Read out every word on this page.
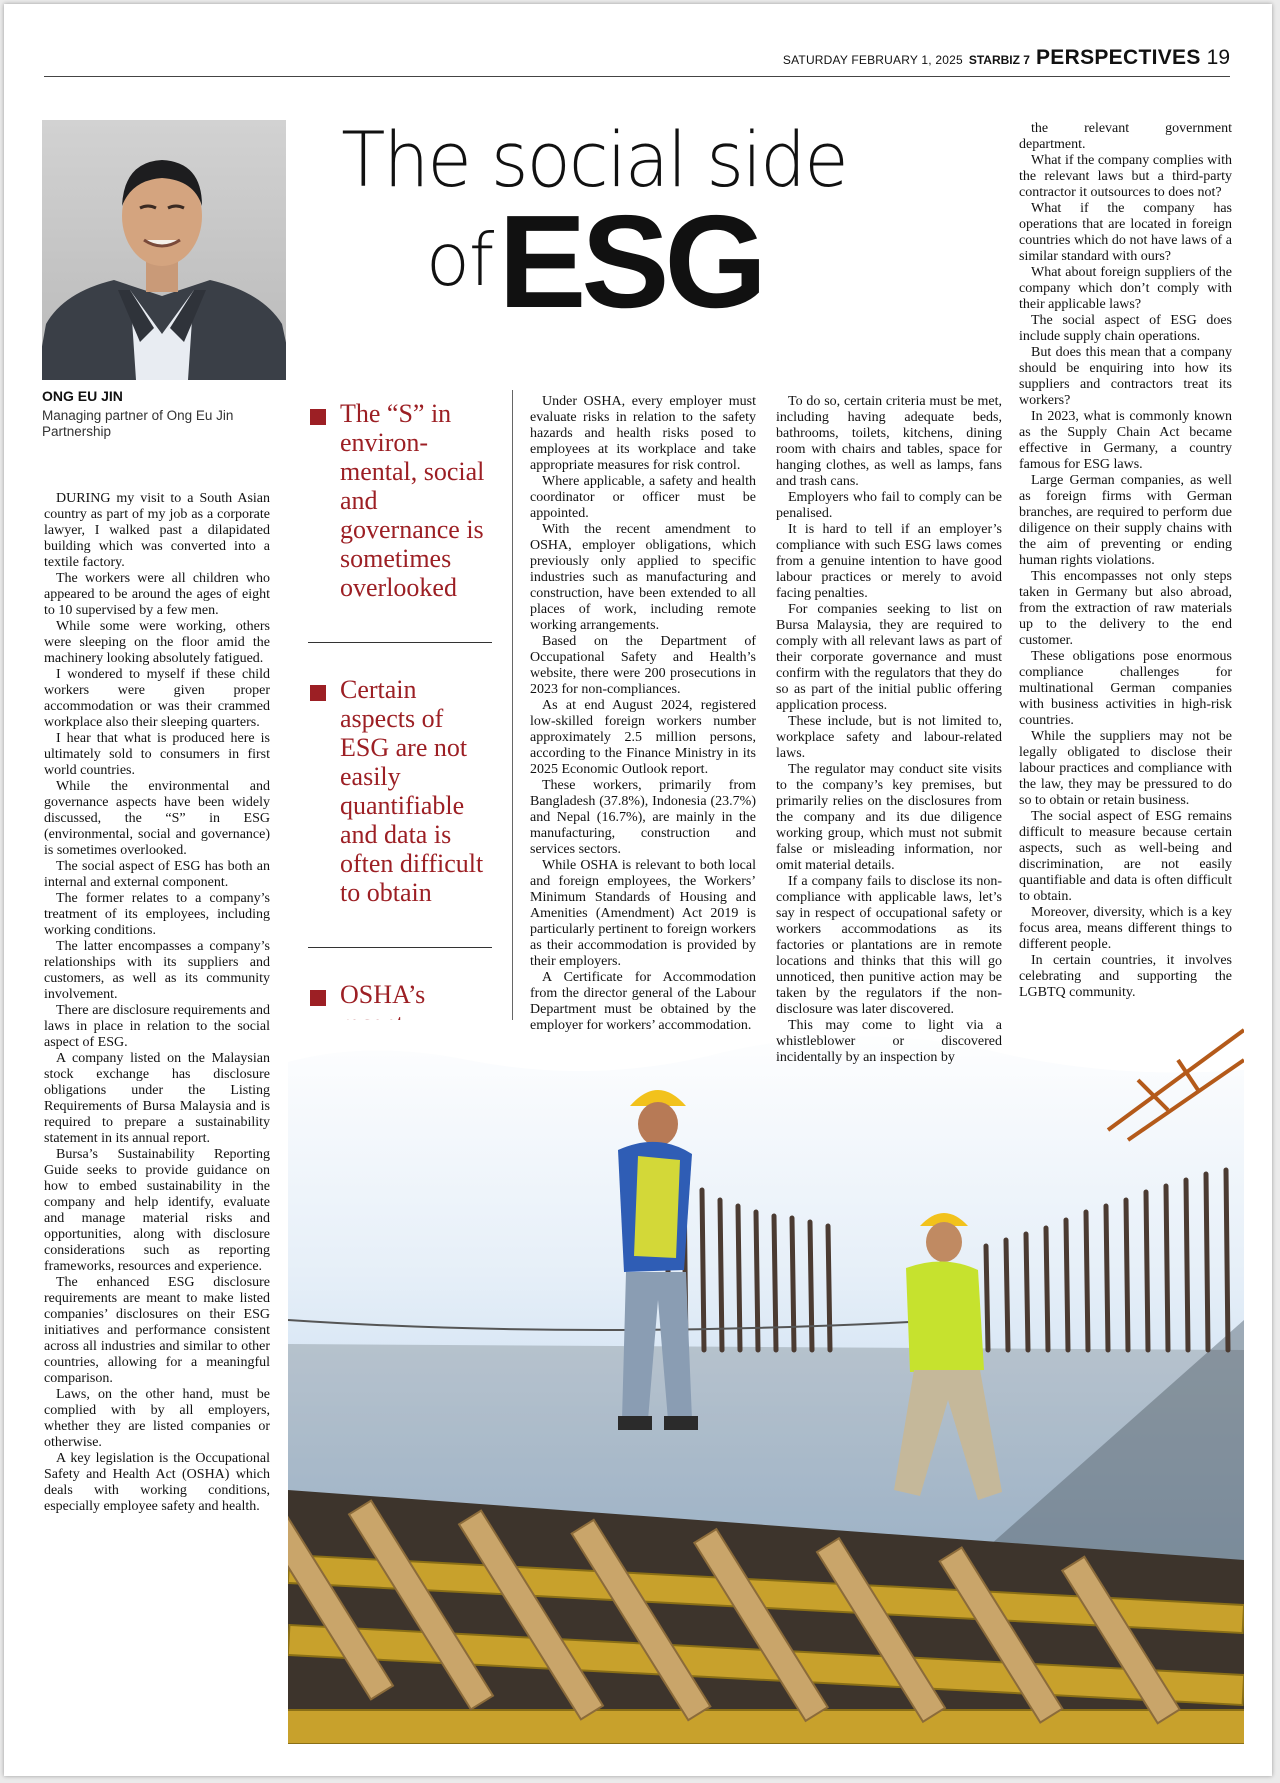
SATURDAY FEBRUARY 1, 2025 STARBIZ 7 PERSPECTIVES 19
ONG EU JIN
Managing partner of Ong Eu Jin Partnership
The social side
of ESG
The “S” in environ-mental, social and governance is sometimes overlooked
Certain aspects of ESG are not easily quantifiable and data is often difficult to obtain
OSHA’s

DURING my visit to a South Asian country as part of my job as a corporate lawyer, I walked past a dilapidated building which was converted into a textile factory.

The workers were all children who appeared to be around the ages of eight to 10 supervised by a few men.

While some were working, others were sleeping on the floor amid the machinery looking absolutely fatigued.

I wondered to myself if these child workers were given proper accommodation or was their crammed workplace also their sleeping quarters.

I hear that what is produced here is ultimately sold to consumers in first world countries.

While the environmental and governance aspects have been widely discussed, the “S” in ESG (environmental, social and governance) is sometimes overlooked.

The social aspect of ESG has both an internal and external component.

The former relates to a company’s treatment of its employees, including working conditions.

The latter encompasses a company’s relationships with its suppliers and customers, as well as its community involvement.

There are disclosure requirements and laws in place in relation to the social aspect of ESG.

A company listed on the Malaysian stock exchange has disclosure obligations under the Listing Requirements of Bursa Malaysia and is required to prepare a sustainability statement in its annual report.

Bursa’s Sustainability Reporting Guide seeks to provide guidance on how to embed sustainability in the company and help identify, evaluate and manage material risks and opportunities, along with disclosure considerations such as reporting frameworks, resources and experience.

The enhanced ESG disclosure requirements are meant to make listed companies’ disclosures on their ESG initiatives and performance consistent across all industries and similar to other countries, allowing for a meaningful comparison.

Laws, on the other hand, must be complied with by all employers, whether they are listed companies or otherwise.

A key legislation is the Occupational Safety and Health Act (OSHA) which deals with working conditions, especially employee safety and health.

Under OSHA, every employer must evaluate risks in relation to the safety hazards and health risks posed to employees at its workplace and take appropriate measures for risk control.

Where applicable, a safety and health coordinator or officer must be appointed.

With the recent amendment to OSHA, employer obligations, which previously only applied to specific industries such as manufacturing and construction, have been extended to all places of work, including remote working arrangements.

Based on the Department of Occupational Safety and Health’s website, there were 200 prosecutions in 2023 for non-compliances.

As at end August 2024, registered low-skilled foreign workers number approximately 2.5 million persons, according to the Finance Ministry in its 2025 Economic Outlook report.

These workers, primarily from Bangladesh (37.8%), Indonesia (23.7%) and Nepal (16.7%), are mainly in the manufacturing, construction and services sectors.

While OSHA is relevant to both local and foreign employees, the Workers’ Minimum Standards of Housing and Amenities (Amendment) Act 2019 is particularly pertinent to foreign workers as their accommodation is provided by their employers.

A Certificate for Accommodation from the director general of the Labour Department must be obtained by the employer for workers’ accommodation.

To do so, certain criteria must be met, including having adequate beds, bathrooms, toilets, kitchens, dining room with chairs and tables, space for hanging clothes, as well as lamps, fans and trash cans.

Employers who fail to comply can be penalised.

It is hard to tell if an employer’s compliance with such ESG laws comes from a genuine intention to have good labour practices or merely to avoid facing penalties.

For companies seeking to list on Bursa Malaysia, they are required to comply with all relevant laws as part of their corporate governance and must confirm with the regulators that they do so as part of the initial public offering application process.

These include, but is not limited to, workplace safety and labour-related laws.

The regulator may conduct site visits to the company’s key premises, but primarily relies on the disclosures from the company and its due diligence working group, which must not submit false or misleading information, nor omit material details.

If a company fails to disclose its non-compliance with applicable laws, let’s say in respect of occupational safety or workers accommodations as its factories or plantations are in remote locations and thinks that this will go unnoticed, then punitive action may be taken by the regulators if the non-disclosure was later discovered.

This may come to light via a whistleblower or discovered incidentally by an inspection by

the relevant government department.

What if the company complies with the relevant laws but a third-party contractor it outsources to does not?

What if the company has operations that are located in foreign countries which do not have laws of a similar standard with ours?

What about foreign suppliers of the company which don’t comply with their applicable laws?

The social aspect of ESG does include supply chain operations.

But does this mean that a company should be enquiring into how its suppliers and contractors treat its workers?

In 2023, what is commonly known as the Supply Chain Act became effective in Germany, a country famous for ESG laws.

Large German companies, as well as foreign firms with German branches, are required to perform due diligence on their supply chains with the aim of preventing or ending human rights violations.

This encompasses not only steps taken in Germany but also abroad, from the extraction of raw materials up to the delivery to the end customer.

These obligations pose enormous compliance challenges for multinational German companies with business activities in high-risk countries.

While the suppliers may not be legally obligated to disclose their labour practices and compliance with the law, they may be pressured to do so to obtain or retain business.

The social aspect of ESG remains difficult to measure because certain aspects, such as well-being and discrimination, are not easily quantifiable and data is often difficult to obtain.

Moreover, diversity, which is a key focus area, means different things to different people.

In certain countries, it involves celebrating and supporting the LGBTQ community.
